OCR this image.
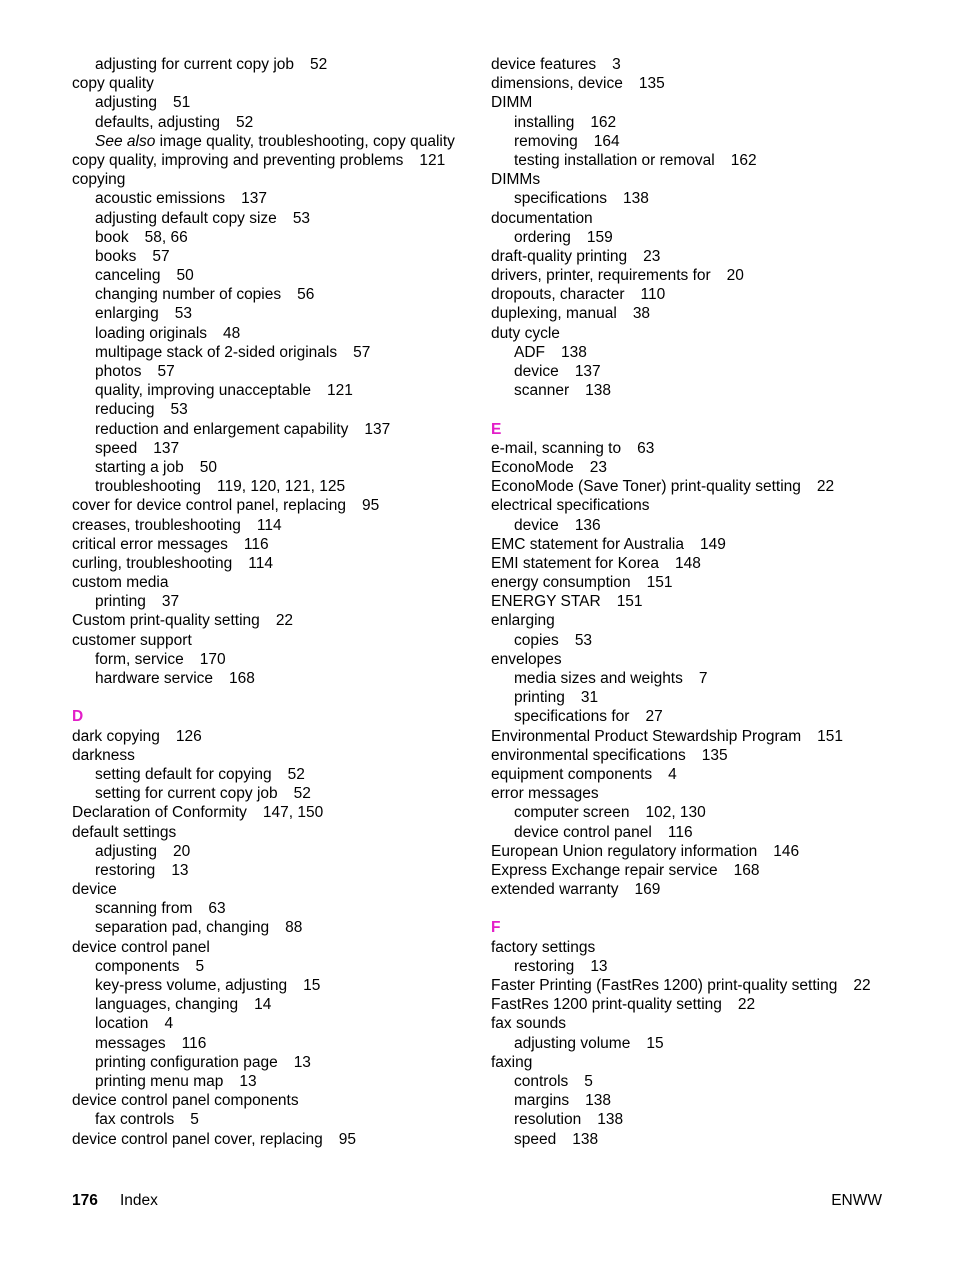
adjusting for current copy job 52
copy quality
adjusting 51
defaults, adjusting 52
See also image quality, troubleshooting, copy quality
copy quality, improving and preventing problems 121
copying
acoustic emissions 137
adjusting default copy size 53
book 58, 66
books 57
canceling 50
changing number of copies 56
enlarging 53
loading originals 48
multipage stack of 2-sided originals 57
photos 57
quality, improving unacceptable 121
reducing 53
reduction and enlargement capability 137
speed 137
starting a job 50
troubleshooting 119, 120, 121, 125
cover for device control panel, replacing 95
creases, troubleshooting 114
critical error messages 116
curling, troubleshooting 114
custom media
printing 37
Custom print-quality setting 22
customer support
form, service 170
hardware service 168
D
dark copying 126
darkness
setting default for copying 52
setting for current copy job 52
Declaration of Conformity 147, 150
default settings
adjusting 20
restoring 13
device
scanning from 63
separation pad, changing 88
device control panel
components 5
key-press volume, adjusting 15
languages, changing 14
location 4
messages 116
printing configuration page 13
printing menu map 13
device control panel components
fax controls 5
device control panel cover, replacing 95
device features 3
dimensions, device 135
DIMM
installing 162
removing 164
testing installation or removal 162
DIMMs
specifications 138
documentation
ordering 159
draft-quality printing 23
drivers, printer, requirements for 20
dropouts, character 110
duplexing, manual 38
duty cycle
ADF 138
device 137
scanner 138
E
e-mail, scanning to 63
EconoMode 23
EconoMode (Save Toner) print-quality setting 22
electrical specifications
device 136
EMC statement for Australia 149
EMI statement for Korea 148
energy consumption 151
ENERGY STAR 151
enlarging
copies 53
envelopes
media sizes and weights 7
printing 31
specifications for 27
Environmental Product Stewardship Program 151
environmental specifications 135
equipment components 4
error messages
computer screen 102, 130
device control panel 116
European Union regulatory information 146
Express Exchange repair service 168
extended warranty 169
F
factory settings
restoring 13
Faster Printing (FastRes 1200) print-quality setting 22
FastRes 1200 print-quality setting 22
fax sounds
adjusting volume 15
faxing
controls 5
margins 138
resolution 138
speed 138
176 Index	ENWW
